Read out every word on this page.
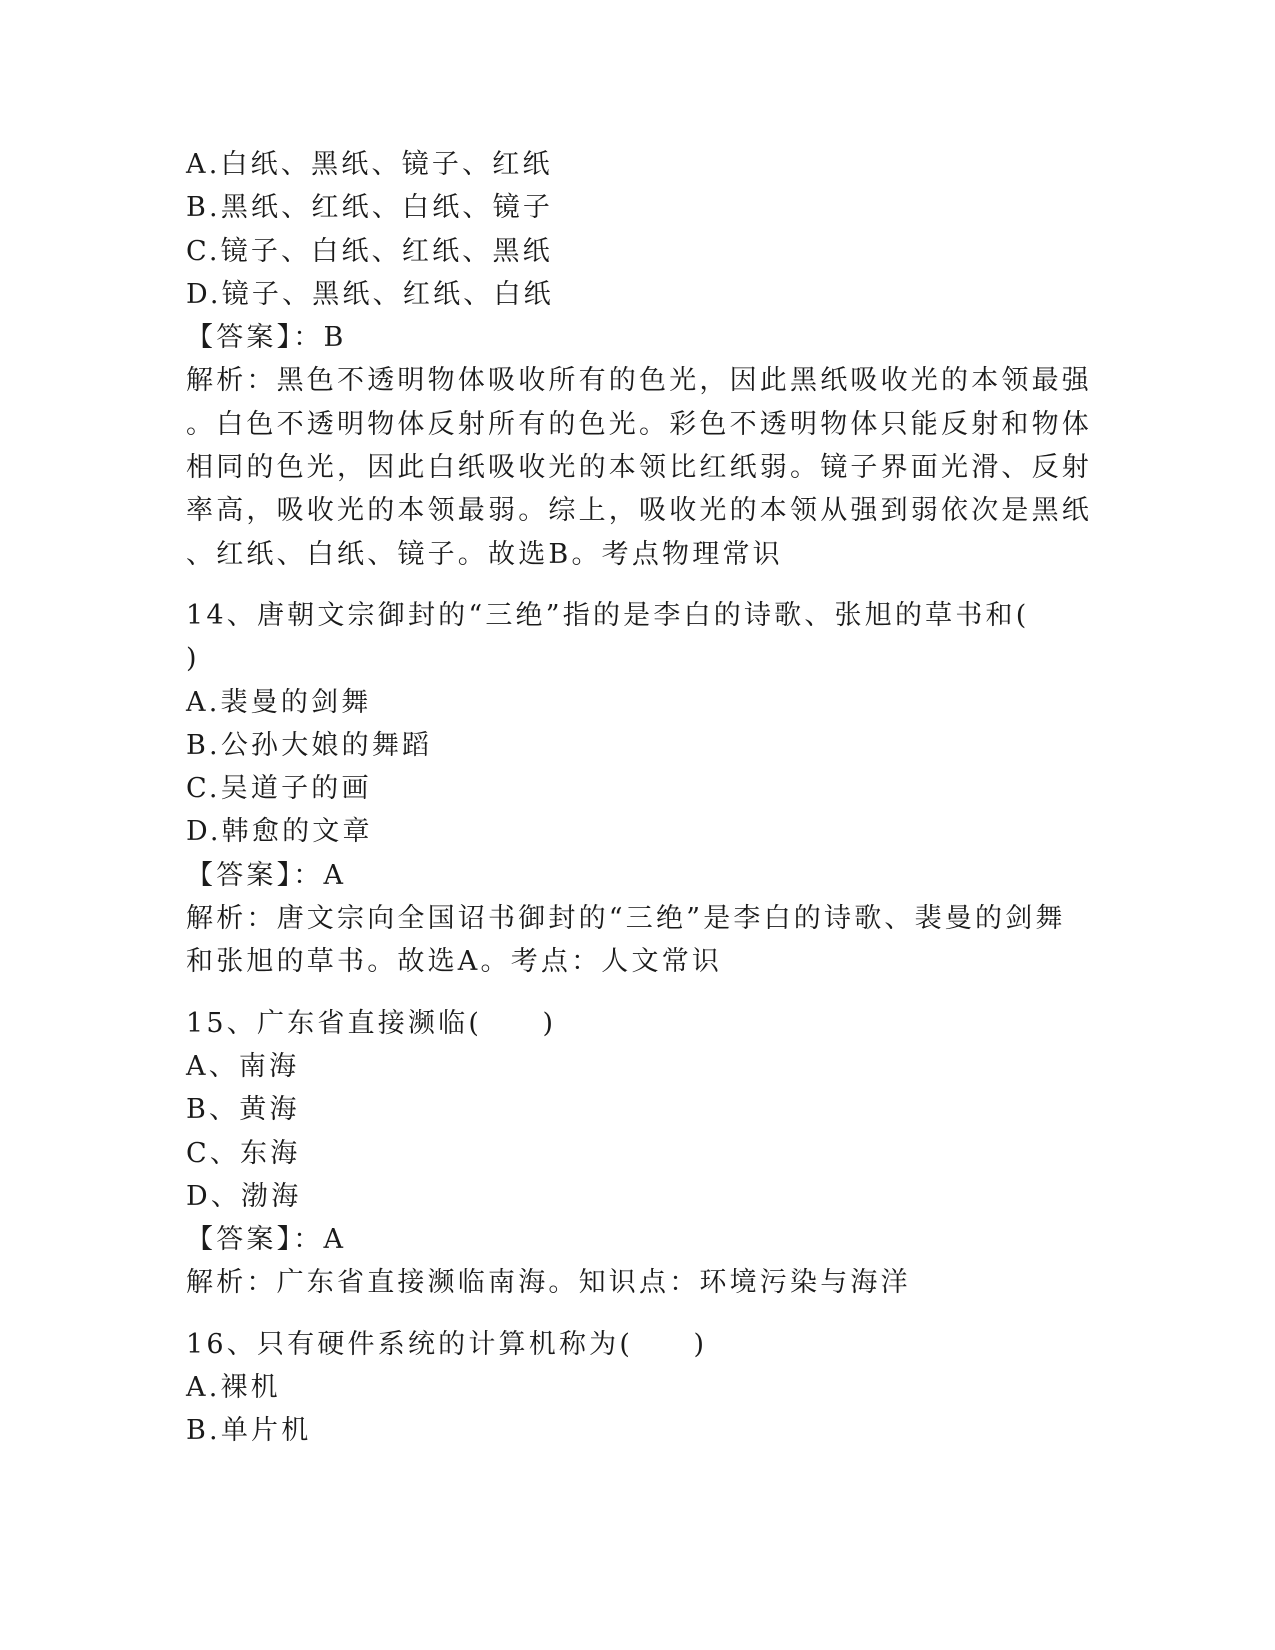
A.白纸、黑纸、镜子、红纸
B.黑纸、红纸、白纸、镜子
C.镜子、白纸、红纸、黑纸
D.镜子、黑纸、红纸、白纸
【答案】：B
解析：黑色不透明物体吸收所有的色光，因此黑纸吸收光的本领最强
。白色不透明物体反射所有的色光。彩色不透明物体只能反射和物体
相同的色光，因此白纸吸收光的本领比红纸弱。镜子界面光滑、反射
率高，吸收光的本领最弱。综上，吸收光的本领从强到弱依次是黑纸
、红纸、白纸、镜子。故选B。考点物理常识
14、唐朝文宗御封的“三绝”指的是李白的诗歌、张旭的草书和(
)
A.裴曼的剑舞
B.公孙大娘的舞蹈
C.吴道子的画
D.韩愈的文章
【答案】：A
解析：唐文宗向全国诏书御封的“三绝”是李白的诗歌、裴曼的剑舞
和张旭的草书。故选A。考点：人文常识
15、广东省直接濒临(　　)
A、南海
B、黄海
C、东海
D、渤海
【答案】：A
解析：广东省直接濒临南海。知识点：环境污染与海洋
16、只有硬件系统的计算机称为(　　)
A.裸机
B.单片机
